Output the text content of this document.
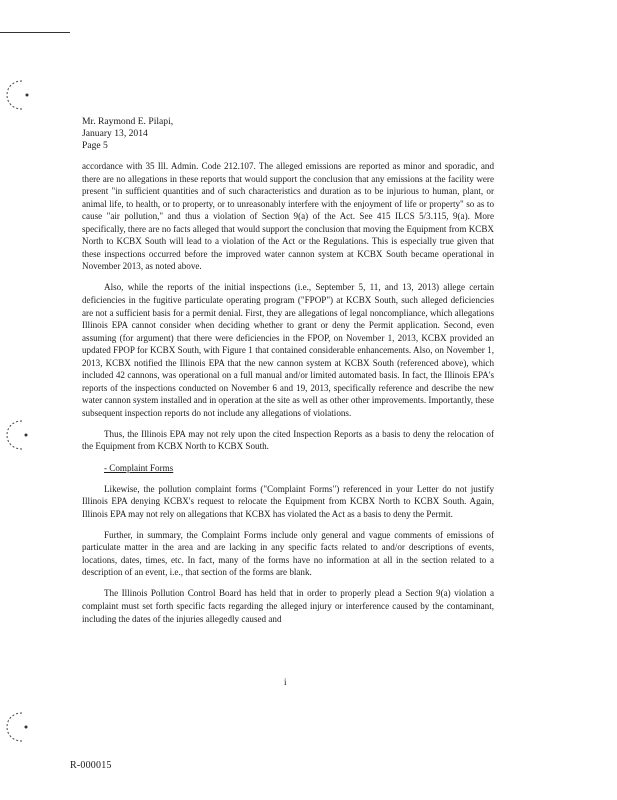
Mr. Raymond E. Pilapi,
January 13, 2014
Page 5

accordance with 35 Ill. Admin. Code 212.107. The alleged emissions are reported as minor and sporadic, and there are no allegations in these reports that would support the conclusion that any emissions at the facility were present "in sufficient quantities and of such characteristics and duration as to be injurious to human, plant, or animal life, to health, or to property, or to unreasonably interfere with the enjoyment of life or property" so as to cause "air pollution," and thus a violation of Section 9(a) of the Act. See 415 ILCS 5/3.115, 9(a). More specifically, there are no facts alleged that would support the conclusion that moving the Equipment from KCBX North to KCBX South will lead to a violation of the Act or the Regulations. This is especially true given that these inspections occurred before the improved water cannon system at KCBX South became operational in November 2013, as noted above.

Also, while the reports of the initial inspections (i.e., September 5, 11, and 13, 2013) allege certain deficiencies in the fugitive particulate operating program ("FPOP") at KCBX South, such alleged deficiencies are not a sufficient basis for a permit denial. First, they are allegations of legal noncompliance, which allegations Illinois EPA cannot consider when deciding whether to grant or deny the Permit application. Second, even assuming (for argument) that there were deficiencies in the FPOP, on November 1, 2013, KCBX provided an updated FPOP for KCBX South, with Figure 1 that contained considerable enhancements. Also, on November 1, 2013, KCBX notified the Illinois EPA that the new cannon system at KCBX South (referenced above), which included 42 cannons, was operational on a full manual and/or limited automated basis. In fact, the Illinois EPA's reports of the inspections conducted on November 6 and 19, 2013, specifically reference and describe the new water cannon system installed and in operation at the site as well as other other improvements. Importantly, these subsequent inspection reports do not include any allegations of violations.

Thus, the Illinois EPA may not rely upon the cited Inspection Reports as a basis to deny the relocation of the Equipment from KCBX North to KCBX South.

- Complaint Forms

Likewise, the pollution complaint forms ("Complaint Forms") referenced in your Letter do not justify Illinois EPA denying KCBX's request to relocate the Equipment from KCBX North to KCBX South. Again, Illinois EPA may not rely on allegations that KCBX has violated the Act as a basis to deny the Permit.

Further, in summary, the Complaint Forms include only general and vague comments of emissions of particulate matter in the area and are lacking in any specific facts related to and/or descriptions of events, locations, dates, times, etc. In fact, many of the forms have no information at all in the section related to a description of an event, i.e., that section of the forms are blank.

The Illinois Pollution Control Board has held that in order to properly plead a Section 9(a) violation a complaint must set forth specific facts regarding the alleged injury or interference caused by the contaminant, including the dates of the injuries allegedly caused and

i
R-000015
